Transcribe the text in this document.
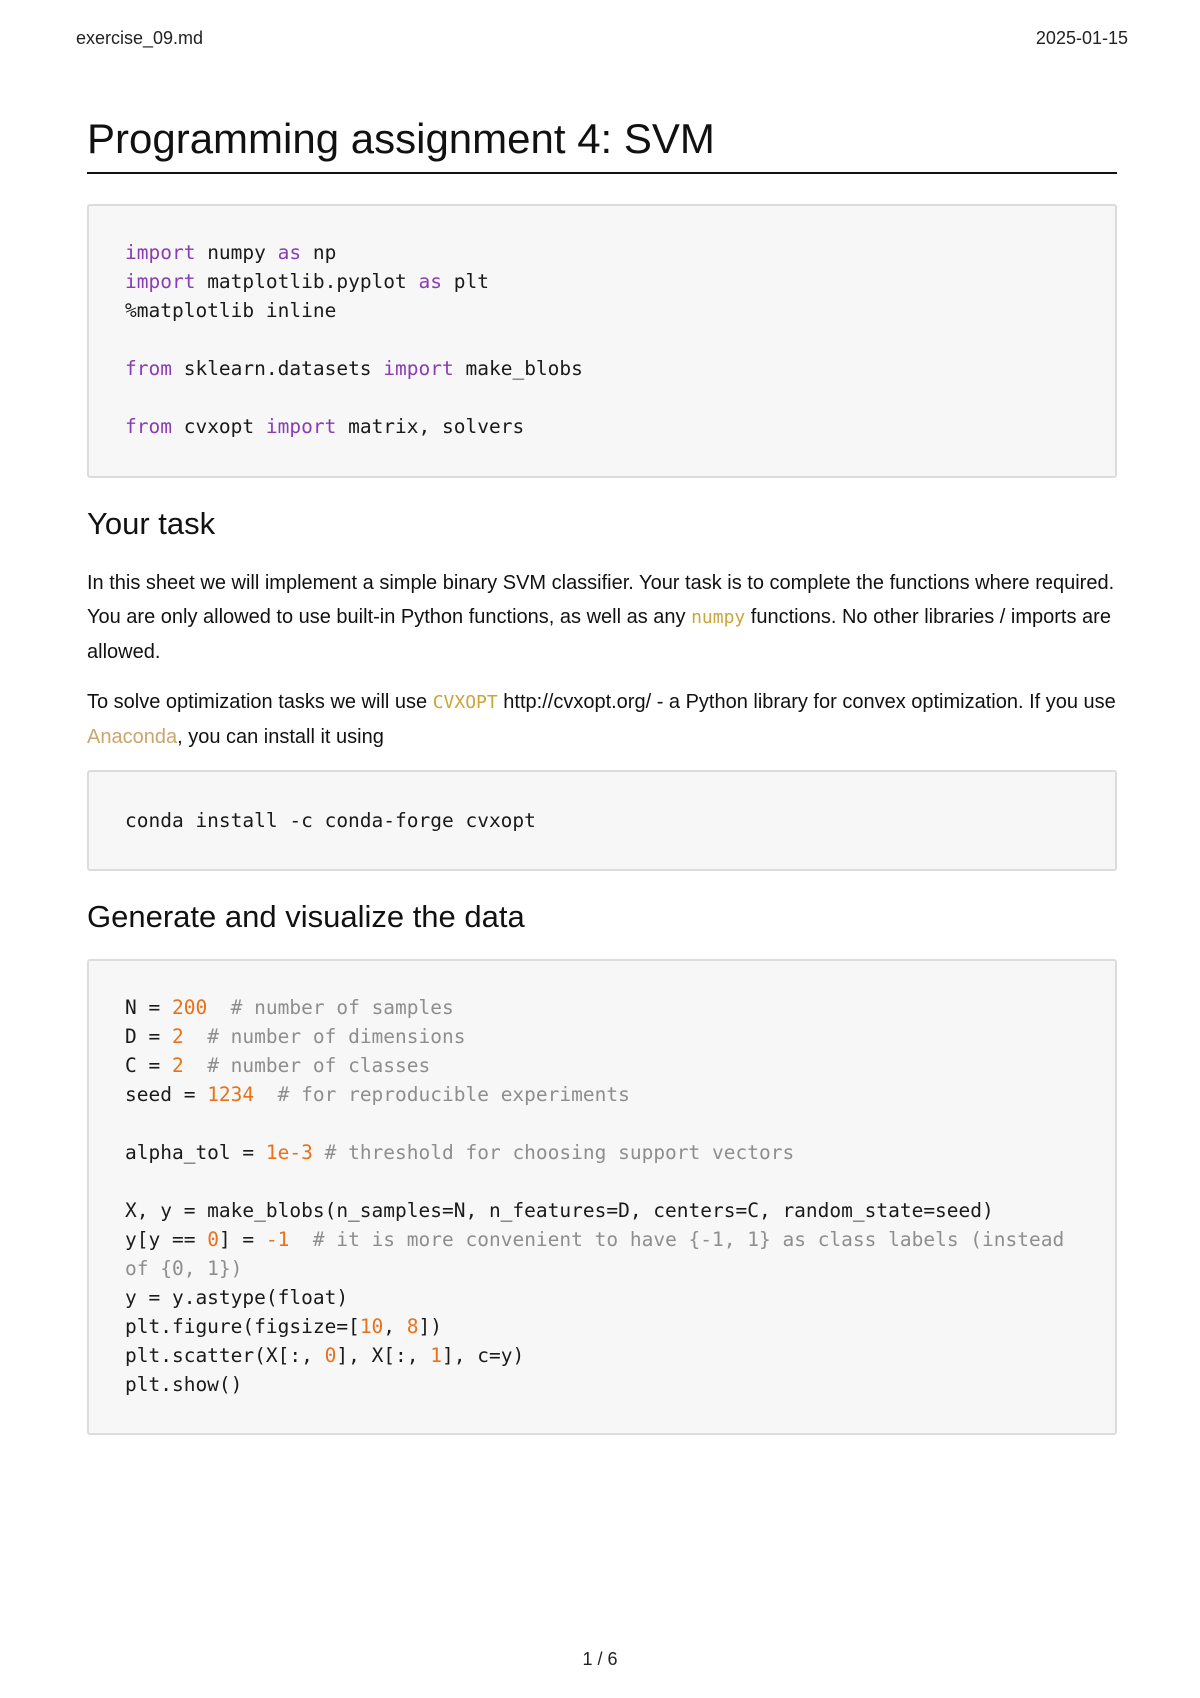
exercise_09.md	2025-01-15
Programming assignment 4: SVM
import numpy as np
import matplotlib.pyplot as plt
%matplotlib inline

from sklearn.datasets import make_blobs

from cvxopt import matrix, solvers
Your task

In this sheet we will implement a simple binary SVM classifier. Your task is to complete the functions where required. You are only allowed to use built-in Python functions, as well as any numpy functions. No other libraries / imports are allowed.

To solve optimization tasks we will use CVXOPT http://cvxopt.org/ - a Python library for convex optimization. If you use Anaconda, you can install it using

conda install -c conda-forge cvxopt
Generate and visualize the data
N = 200  # number of samples
D = 2  # number of dimensions
C = 2  # number of classes
seed = 1234  # for reproducible experiments

alpha_tol = 1e-3 # threshold for choosing support vectors

X, y = make_blobs(n_samples=N, n_features=D, centers=C, random_state=seed)
y[y == 0] = -1  # it is more convenient to have {-1, 1} as class labels (instead of {0, 1})
y = y.astype(float)
plt.figure(figsize=[10, 8])
plt.scatter(X[:, 0], X[:, 1], c=y)
plt.show()
1 / 6
